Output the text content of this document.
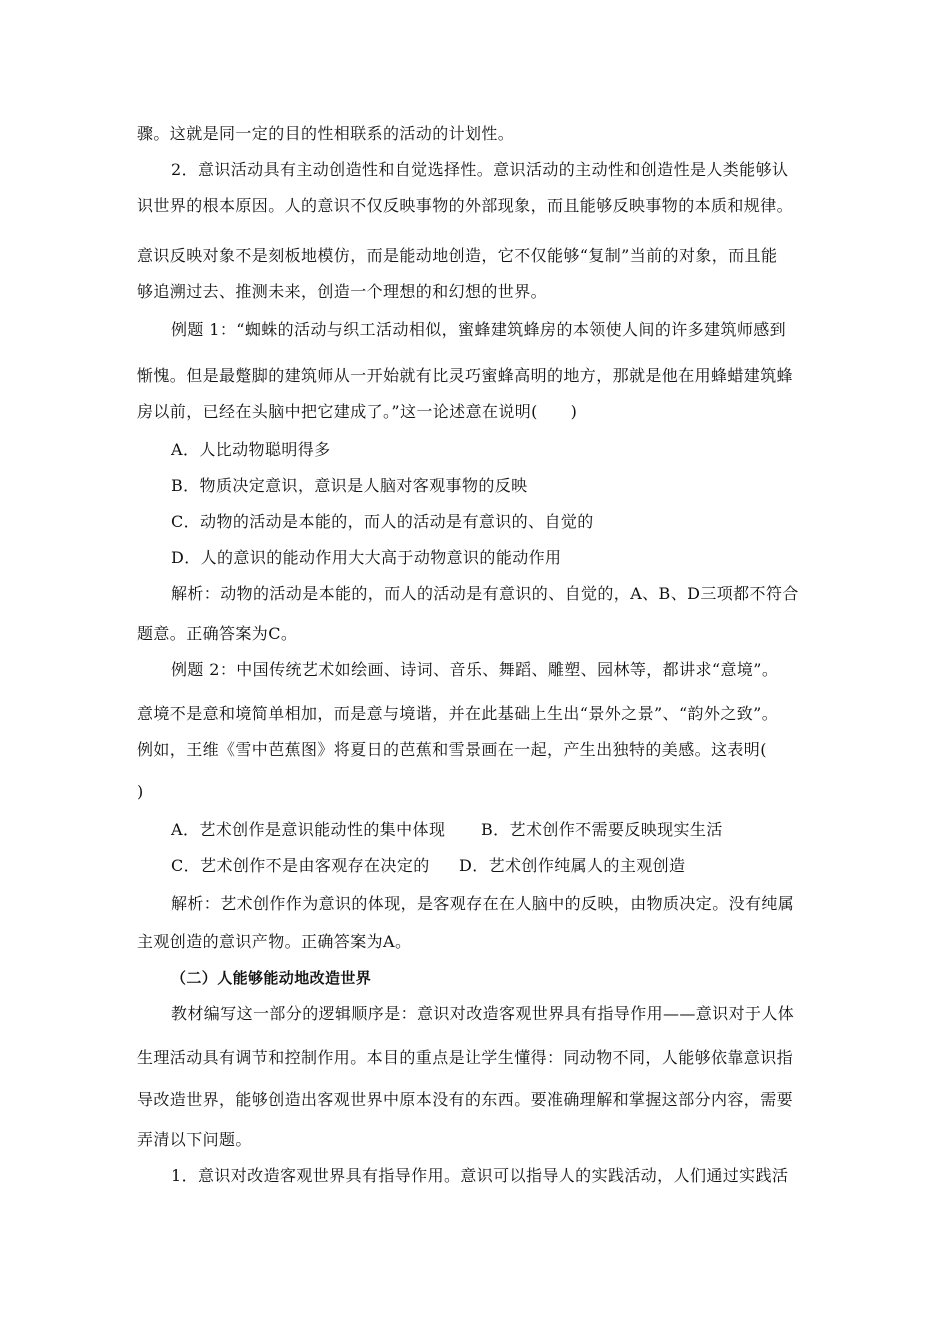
骤。这就是同一定的目的性相联系的活动的计划性。
2．意识活动具有主动创造性和自觉选择性。意识活动的主动性和创造性是人类能够认
识世界的根本原因。人的意识不仅反映事物的外部现象，而且能够反映事物的本质和规律。
意识反映对象不是刻板地模仿，而是能动地创造，它不仅能够“复制”当前的对象，而且能
够追溯过去、推测未来，创造一个理想的和幻想的世界。
例题 1：“蜘蛛的活动与织工活动相似，蜜蜂建筑蜂房的本领使人间的许多建筑师感到
惭愧。但是最蹩脚的建筑师从一开始就有比灵巧蜜蜂高明的地方，那就是他在用蜂蜡建筑蜂
房以前，已经在头脑中把它建成了。”这一论述意在说明(　　)
A．人比动物聪明得多
B．物质决定意识，意识是人脑对客观事物的反映
C．动物的活动是本能的，而人的活动是有意识的、自觉的
D．人的意识的能动作用大大高于动物意识的能动作用
解析：动物的活动是本能的，而人的活动是有意识的、自觉的，A、B、D三项都不符合
题意。正确答案为C。
例题 2：中国传统艺术如绘画、诗词、音乐、舞蹈、雕塑、园林等，都讲求“意境”。
意境不是意和境简单相加，而是意与境谐，并在此基础上生出“景外之景”、“韵外之致”。
例如，王维《雪中芭蕉图》将夏日的芭蕉和雪景画在一起，产生出独特的美感。这表明(
)
A．艺术创作是意识能动性的集中体现 B．艺术创作不需要反映现实生活
C．艺术创作不是由客观存在决定的 D．艺术创作纯属人的主观创造
解析：艺术创作作为意识的体现，是客观存在在人脑中的反映，由物质决定。没有纯属
主观创造的意识产物。正确答案为A。
（二）人能够能动地改造世界
教材编写这一部分的逻辑顺序是：意识对改造客观世界具有指导作用——意识对于人体
生理活动具有调节和控制作用。本目的重点是让学生懂得：同动物不同，人能够依靠意识指
导改造世界，能够创造出客观世界中原本没有的东西。要准确理解和掌握这部分内容，需要
弄清以下问题。
1．意识对改造客观世界具有指导作用。意识可以指导人的实践活动，人们通过实践活
